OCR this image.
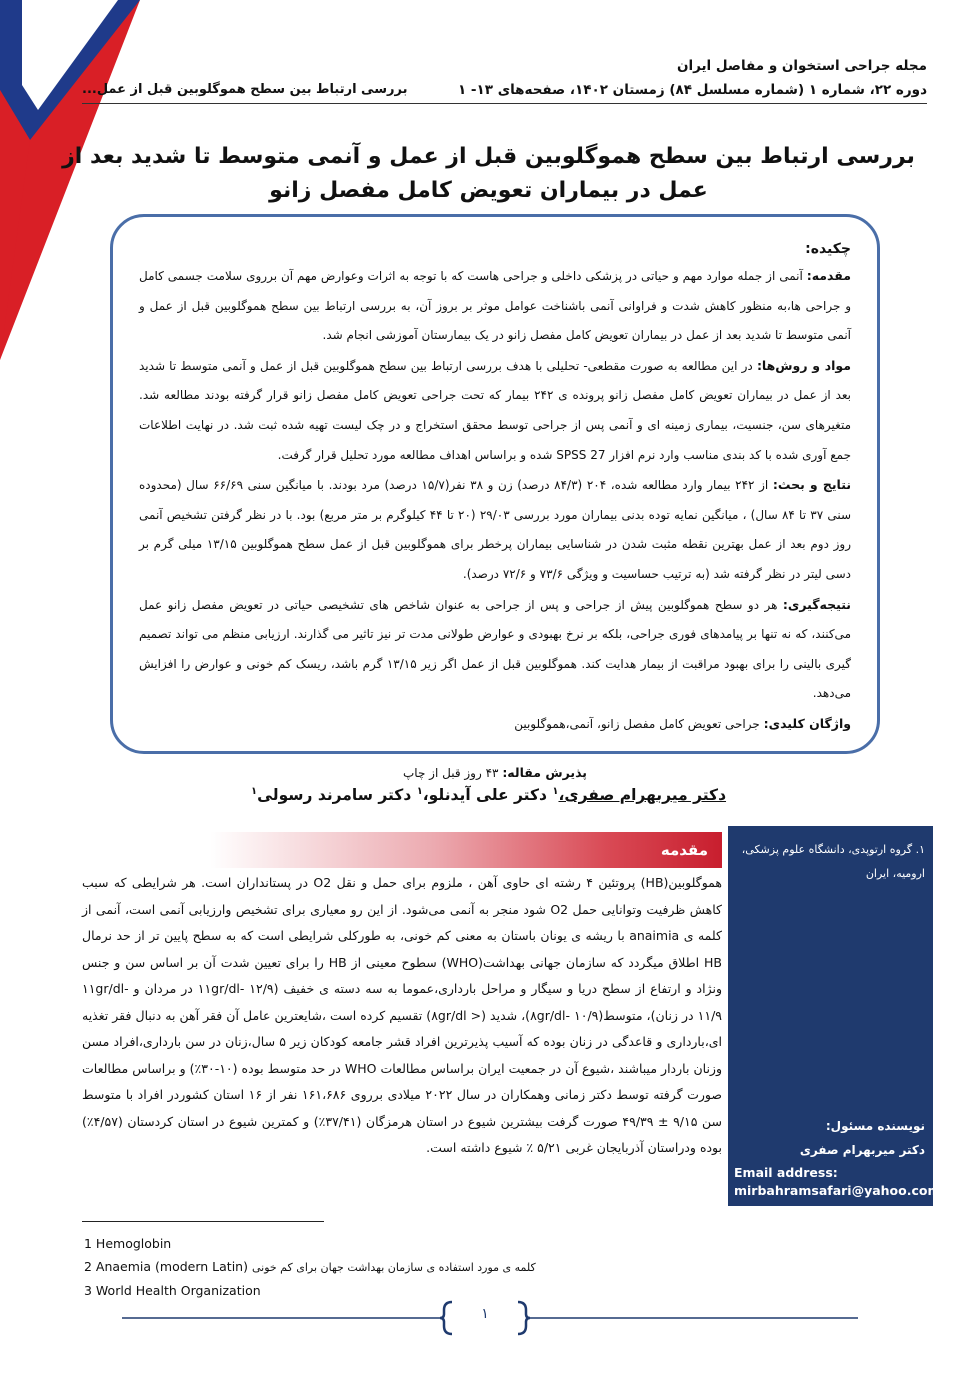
مجله جراحی استخوان و مفاصل ایران
دوره ۲۲، شماره ۱ (شماره مسلسل ۸۴) زمستان ۱۴۰۲، صفحه‌های ۱۳- ۱
بررسی ارتباط بین سطح هموگلوبین قبل از عمل...
بررسی ارتباط بین سطح هموگلوبین قبل از عمل و آنمی متوسط تا شدید بعد از عمل در بیماران تعویض کامل مفصل زانو
چکیده:

مقدمه: آنمی از جمله موارد مهم و حیاتی در پزشکی داخلی و جراحی هاست که با توجه به اثرات وعوارض مهم آن برروی سلامت جسمی کامل و جراحی ها،به منظور کاهش شدت و فراوانی آنمی باشناخت عوامل موثر بر بروز آن، به بررسی ارتباط بین سطح هموگلوبین قبل از عمل و آنمی متوسط تا شدید بعد از عمل در بیماران تعویض کامل مفصل زانو در یک بیمارستان آموزشی انجام شد.

مواد و روش‌ها: در این مطالعه به صورت مقطعی- تحلیلی با هدف بررسی ارتباط بین سطح هموگلوبین قبل از عمل و آنمی متوسط تا شدید بعد از عمل در بیماران تعویض کامل مفصل زانو پرونده ی ۲۴۲ بیمار که تحت جراحی تعویض کامل مفصل زانو قرار گرفته بودند مطالعه شد. متغیرهای سن، جنسیت، بیماری زمینه ای و آنمی پس از جراحی توسط محقق استخراج و در چک لیست تهیه شده ثبت شد. در نهایت اطلاعات جمع آوری شده با کد بندی مناسب وارد نرم افزار SPSS 27 شده و براساس اهداف مطالعه مورد تحلیل قرار گرفت.

نتایج و بحث: از ۲۴۲ بیمار وارد مطالعه شده، ۲۰۴ (۸۴/۳ درصد) زن و ۳۸ نفر(۱۵/۷ درصد) مرد بودند. با میانگین سنی ۶۶/۶۹ سال (محدوده سنی ۳۷ تا ۸۴ سال) ، میانگین نمایه توده بدنی بیماران مورد بررسی ۲۹/۰۳ (۲۰ تا ۴۴ کیلوگرم بر متر مربع) بود. با در نظر گرفتن تشخیص آنمی روز دوم بعد از عمل بهترین نقطه مثبت شدن در شناسایی بیماران پرخطر برای هموگلوبین قبل از عمل سطح هموگلوبین ۱۳/۱۵ میلی گرم بر دسی لیتر در نظر گرفته شد (به ترتیب حساسیت و ویژگی ۷۳/۶ و ۷۲/۶ درصد).

نتیجه‌گیری: هر دو سطح هموگلوبین پیش از جراحی و پس از جراحی به عنوان شاخص های تشخیصی حیاتی در تعویض مفصل زانو عمل می‌کنند، که نه تنها بر پیامدهای فوری جراحی، بلکه بر نرخ بهبودی و عوارض طولانی مدت تر نیز تاثیر می گذارند. ارزیابی منظم می تواند تصمیم گیری بالینی را برای بهبود مراقبت از بیمار هدایت کند. هموگلوبین قبل از عمل اگر زیر ۱۳/۱۵ گرم باشد، ریسک کم خونی و عوارض را افزایش می‌دهد.

واژگان کلیدی: جراحی تعویض کامل مفصل زانو، آنمی،هموگلوبین

پذیرش مقاله: ۴۳ روز قبل از چاپ

دکتر میربهرام صفری،$^۱$ دکتر علی آیدنلو،$^۱$ دکتر سامرند رسولی$^۱$
۱. گروه ارتوپدی، دانشگاه علوم پزشکی، ارومیه، ایران
نویسنده مسئول:
دکتر میربهرام صفری
Email address:
mirbahramsafari@yahoo.com
مقدمه
هموگلوبین(HB) پروتئین ۴ رشته ای حاوی آهن ، ملزوم برای حمل و نقل O2 در پستانداران است. هر شرایطی که سبب کاهش ظرفیت وتوانایی حمل O2 شود منجر به آنمی می‌شود. از این رو معیاری برای تشخیص وارزیابی آنمی است، آنمی از کلمه ی anaimia با ریشه ی یونان باستان به معنی کم خونی، به طورکلی شرایطی است که به سطح پایین تر از حد نرمال HB اطلاق میگردد که سازمان جهانی بهداشت(WHO) سطوح معینی از HB را برای تعیین شدت آن بر اساس سن و جنس ونژاد و ارتفاع از سطح دریا و سیگار و مراحل بارداری،عموما به سه دسته ی خفیف (۱۱gr/dl- ۱۲/۹ در مردان و ۱۱gr/dl- ۱۱/۹ در زنان)، متوسط(۸gr/dl- ۱۰/۹)، شدید (< ۸gr/dl) تقسیم کرده است ،شایعترین عامل آن فقر آهن به دنبال فقر تغذیه ای،بارداری و قاعدگی در زنان بوده که آسیب پذیرترین افراد قشر جامعه کودکان زیر ۵ سال،زنان در سن بارداری،افراد مسن وزنان باردار میباشند ،شیوع آن در جمعیت ایران براساس مطالعات WHO در حد متوسط بوده (۱۰-۳۰٪) و براساس مطالعات صورت گرفته توسط دکتر زمانی وهمکاران در سال ۲۰۲۲ میلادی برروی ۱۶۱،۶۸۶ نفر از ۱۶ استان کشوردر افراد با متوسط سن ۹/۱۵ ± ۴۹/۳۹ صورت گرفت بیشترین شیوع در استان هرمزگان (۳۷/۴۱٪) و کمترین شیوع در استان کردستان (۴/۵۷٪) بوده ودراستان آذربایجان غربی ۵/۲۱ ٪ شیوع داشته است.
1 Hemoglobin
2 Anaemia (modern Latin) کلمه ی مورد استفاده ی سازمان بهداشت جهان برای کم خونی
3 World Health Organization
۱
